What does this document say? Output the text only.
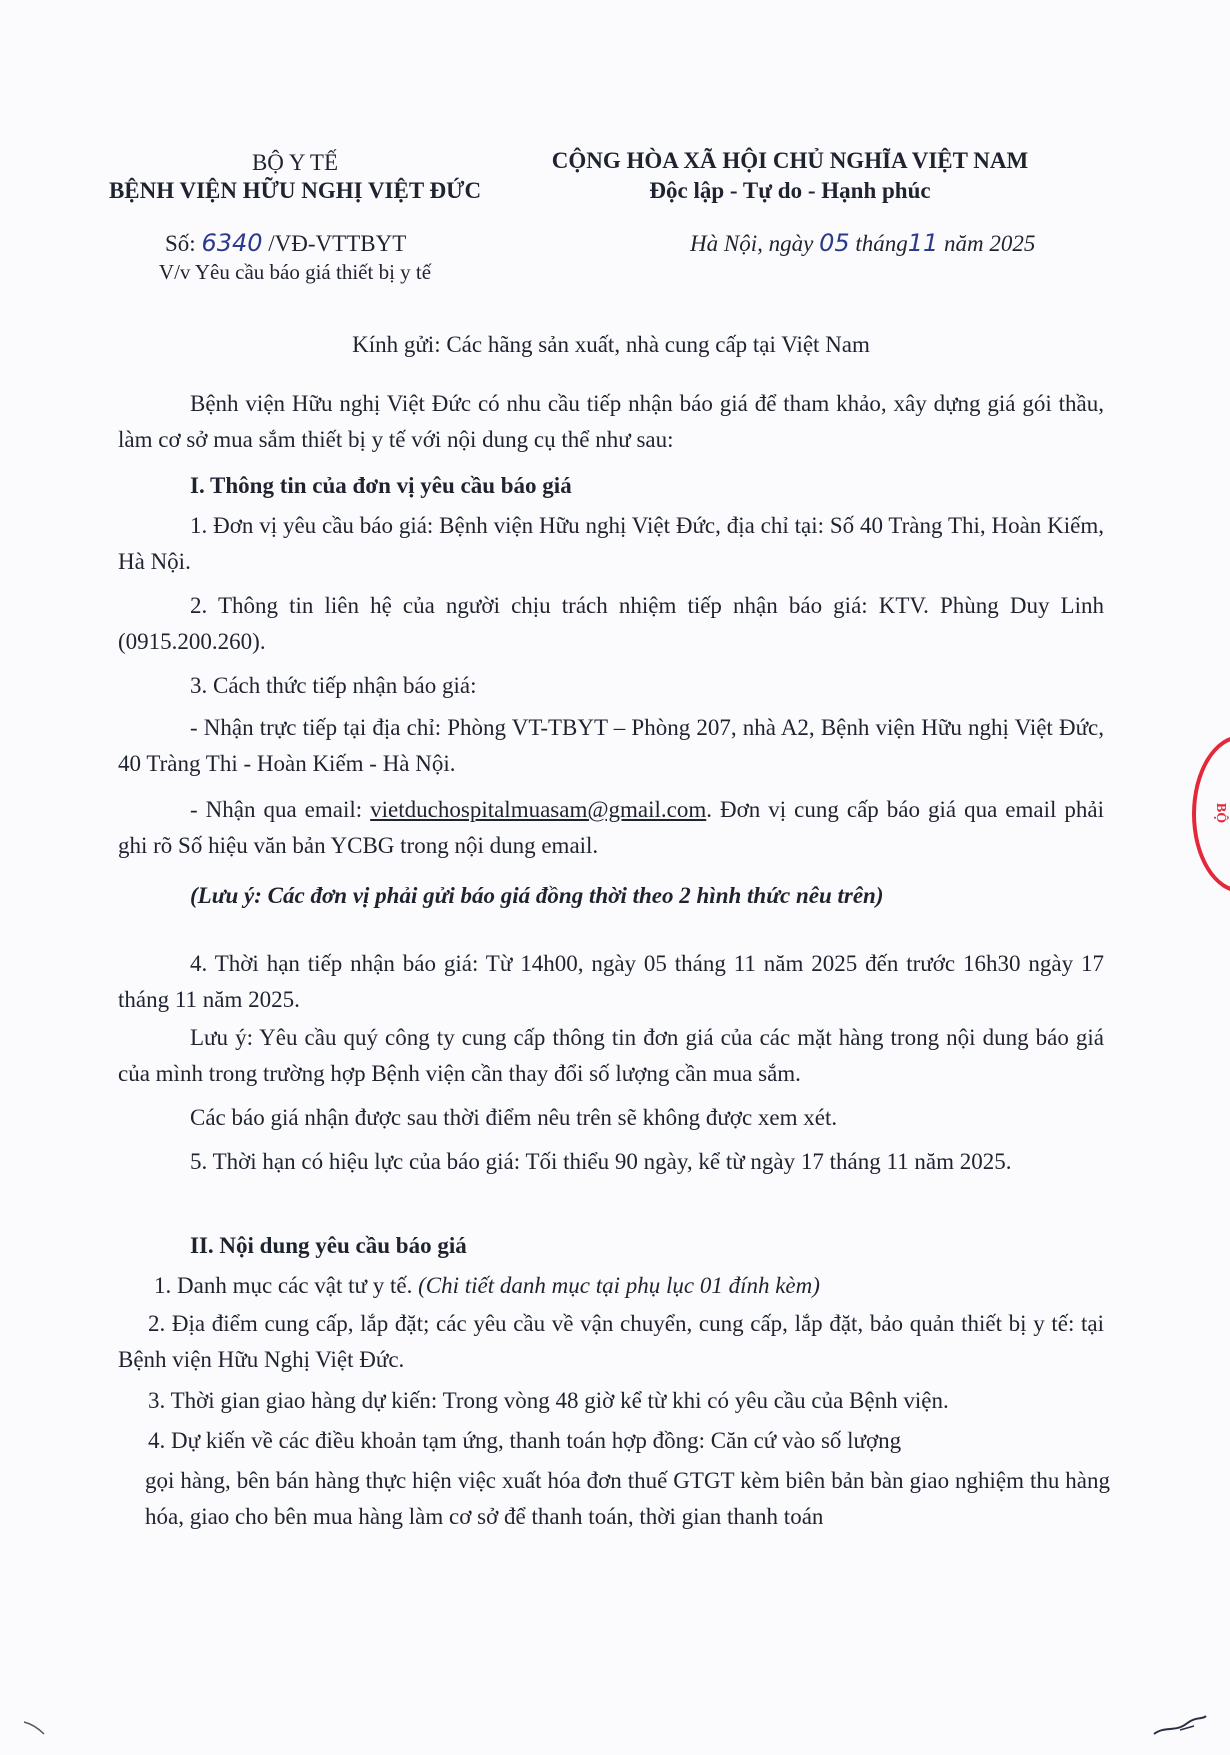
BỘ Y TẾ
BỆNH VIỆN HỮU NGHỊ VIỆT ĐỨC
Số: 6340 /VĐ-VTTBYT
V/v Yêu cầu báo giá thiết bị y tế
CỘNG HÒA XÃ HỘI CHỦ NGHĨA VIỆT NAM
Độc lập - Tự do - Hạnh phúc
Hà Nội, ngày 05 tháng11 năm 2025
Kính gửi: Các hãng sản xuất, nhà cung cấp tại Việt Nam
Bệnh viện Hữu nghị Việt Đức có nhu cầu tiếp nhận báo giá để tham khảo, xây dựng giá gói thầu, làm cơ sở mua sắm thiết bị y tế với nội dung cụ thể như sau:
I. Thông tin của đơn vị yêu cầu báo giá
1. Đơn vị yêu cầu báo giá: Bệnh viện Hữu nghị Việt Đức, địa chỉ tại: Số 40 Tràng Thi, Hoàn Kiếm, Hà Nội.
2. Thông tin liên hệ của người chịu trách nhiệm tiếp nhận báo giá: KTV. Phùng Duy Linh (0915.200.260).
3. Cách thức tiếp nhận báo giá:
- Nhận trực tiếp tại địa chỉ: Phòng VT-TBYT – Phòng 207, nhà A2, Bệnh viện Hữu nghị Việt Đức, 40 Tràng Thi - Hoàn Kiếm - Hà Nội.
- Nhận qua email: vietduchospitalmuasam@gmail.com. Đơn vị cung cấp báo giá qua email phải ghi rõ Số hiệu văn bản YCBG trong nội dung email.
(Lưu ý: Các đơn vị phải gửi báo giá đồng thời theo 2 hình thức nêu trên)
4. Thời hạn tiếp nhận báo giá: Từ 14h00, ngày 05 tháng 11 năm 2025 đến trước 16h30 ngày 17 tháng 11 năm 2025.
Lưu ý: Yêu cầu quý công ty cung cấp thông tin đơn giá của các mặt hàng trong nội dung báo giá của mình trong trường hợp Bệnh viện cần thay đổi số lượng cần mua sắm.
Các báo giá nhận được sau thời điểm nêu trên sẽ không được xem xét.
5. Thời hạn có hiệu lực của báo giá: Tối thiểu 90 ngày, kể từ ngày 17 tháng 11 năm 2025.
II. Nội dung yêu cầu báo giá
1. Danh mục các vật tư y tế. (Chi tiết danh mục tại phụ lục 01 đính kèm)
2. Địa điểm cung cấp, lắp đặt; các yêu cầu về vận chuyển, cung cấp, lắp đặt, bảo quản thiết bị y tế: tại Bệnh viện Hữu Nghị Việt Đức.
3. Thời gian giao hàng dự kiến: Trong vòng 48 giờ kể từ khi có yêu cầu của Bệnh viện.
4. Dự kiến về các điều khoản tạm ứng, thanh toán hợp đồng: Căn cứ vào số lượng
gọi hàng, bên bán hàng thực hiện việc xuất hóa đơn thuế GTGT kèm biên bản bàn giao nghiệm thu hàng hóa, giao cho bên mua hàng làm cơ sở để thanh toán, thời gian thanh toán
BỘ
